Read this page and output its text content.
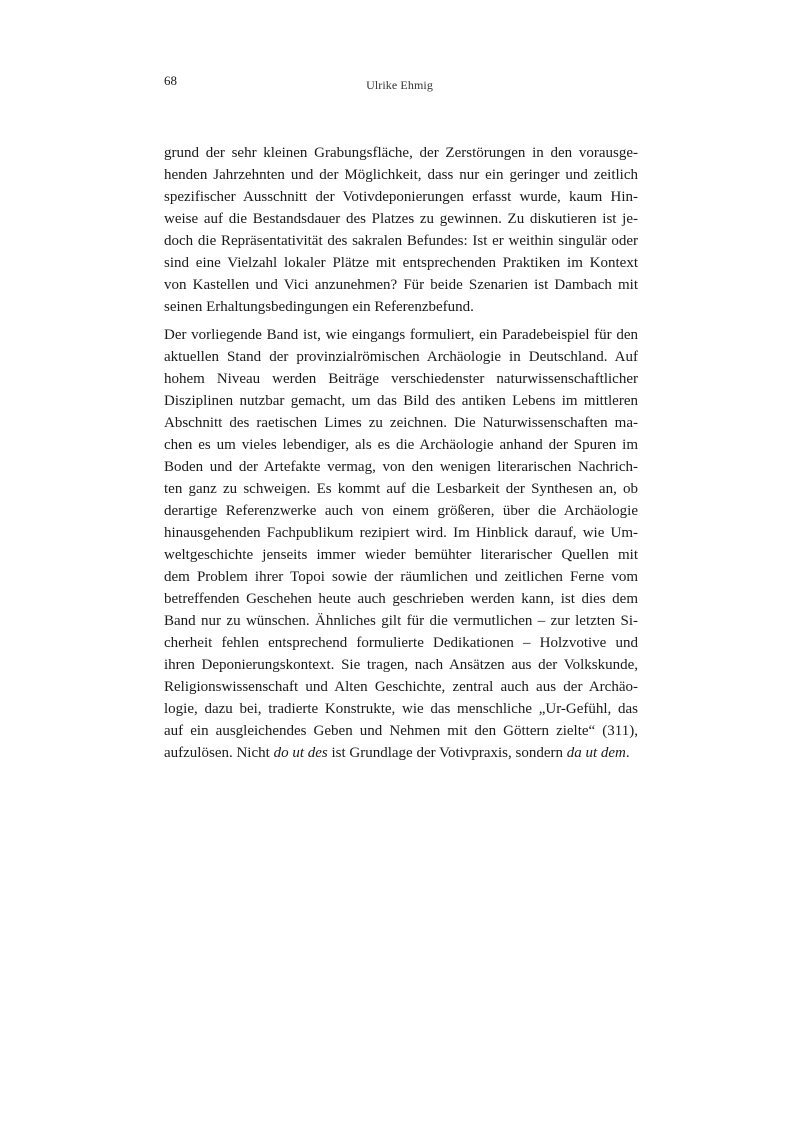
68	Ulrike Ehmig
grund der sehr kleinen Grabungsfläche, der Zerstörungen in den vorausge-
henden Jahrzehnten und der Möglichkeit, dass nur ein geringer und zeitlich
spezifischer Ausschnitt der Votivdeponierungen erfasst wurde, kaum Hin-
weise auf die Bestandsdauer des Platzes zu gewinnen. Zu diskutieren ist je-
doch die Repräsentativität des sakralen Befundes: Ist er weithin singulär oder
sind eine Vielzahl lokaler Plätze mit entsprechenden Praktiken im Kontext
von Kastellen und Vici anzunehmen? Für beide Szenarien ist Dambach mit
seinen Erhaltungsbedingungen ein Referenzbefund.
Der vorliegende Band ist, wie eingangs formuliert, ein Paradebeispiel für den
aktuellen Stand der provinzialrömischen Archäologie in Deutschland. Auf
hohem Niveau werden Beiträge verschiedenster naturwissenschaftlicher
Disziplinen nutzbar gemacht, um das Bild des antiken Lebens im mittleren
Abschnitt des raetischen Limes zu zeichnen. Die Naturwissenschaften ma-
chen es um vieles lebendiger, als es die Archäologie anhand der Spuren im
Boden und der Artefakte vermag, von den wenigen literarischen Nachrich-
ten ganz zu schweigen. Es kommt auf die Lesbarkeit der Synthesen an, ob
derartige Referenzwerke auch von einem größeren, über die Archäologie
hinausgehenden Fachpublikum rezipiert wird. Im Hinblick darauf, wie Um-
weltgeschichte jenseits immer wieder bemühter literarischer Quellen mit
dem Problem ihrer Topoi sowie der räumlichen und zeitlichen Ferne vom
betreffenden Geschehen heute auch geschrieben werden kann, ist dies dem
Band nur zu wünschen. Ähnliches gilt für die vermutlichen – zur letzten Si-
cherheit fehlen entsprechend formulierte Dedikationen – Holzvotive und
ihren Deponierungskontext. Sie tragen, nach Ansätzen aus der Volkskunde,
Religionswissenschaft und Alten Geschichte, zentral auch aus der Archäo-
logie, dazu bei, tradierte Konstrukte, wie das menschliche „Ur-Gefühl, das
auf ein ausgleichendes Geben und Nehmen mit den Göttern zielte“ (311),
aufzulösen. Nicht do ut des ist Grundlage der Votivpraxis, sondern da ut dem.
